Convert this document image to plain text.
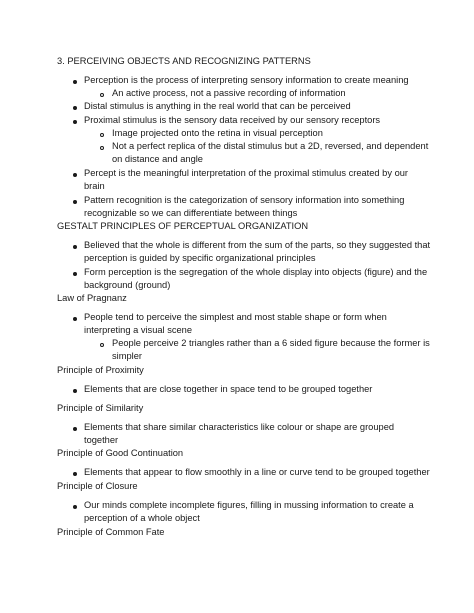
3. PERCEIVING OBJECTS AND RECOGNIZING PATTERNS
Perception is the process of interpreting sensory information to create meaning
An active process, not a passive recording of information
Distal stimulus is anything in the real world that can be perceived
Proximal stimulus is the sensory data received by our sensory receptors
Image projected onto the retina in visual perception
Not a perfect replica of the distal stimulus but a 2D, reversed, and dependent
on distance and angle
Percept is the meaningful interpretation of the proximal stimulus created by our
brain
Pattern recognition is the categorization of sensory information into something
recognizable so we can differentiate between things
GESTALT PRINCIPLES OF PERCEPTUAL ORGANIZATION
Believed that the whole is different from the sum of the parts, so they suggested that
perception is guided by specific organizational principles
Form perception is the segregation of the whole display into objects (figure) and the
background (ground)
Law of Pragnanz
People tend to perceive the simplest and most stable shape or form when
interpreting a visual scene
People perceive 2 triangles rather than a 6 sided figure because the former is
simpler
Principle of Proximity
Elements that are close together in space tend to be grouped together
Principle of Similarity
Elements that share similar characteristics like colour or shape are grouped
together
Principle of Good Continuation
Elements that appear to flow smoothly in a line or curve tend to be grouped together
Principle of Closure
Our minds complete incomplete figures, filling in mussing information to create a
perception of a whole object
Principle of Common Fate
